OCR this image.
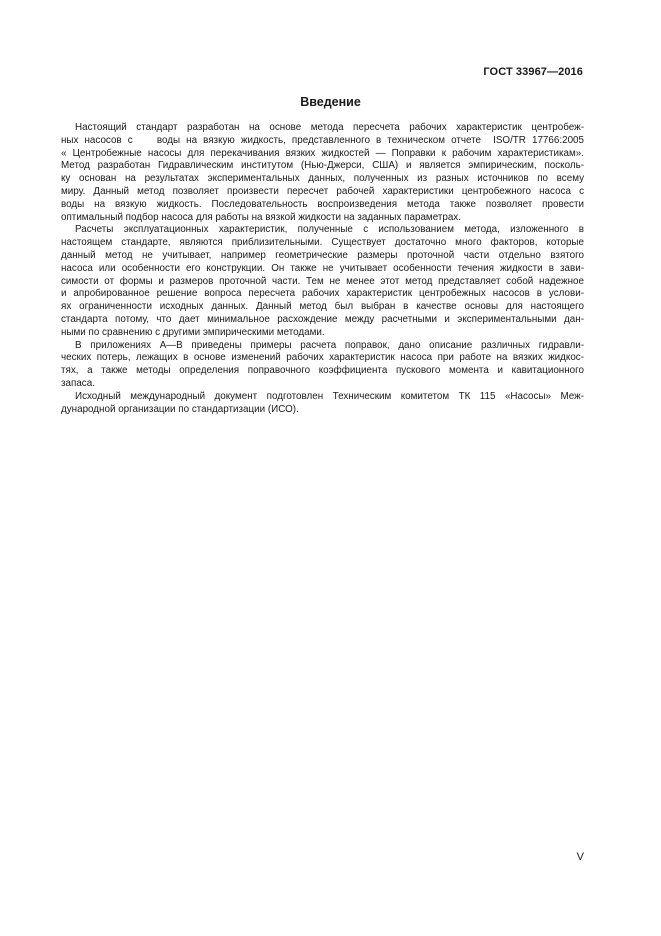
ГОСТ 33967—2016
Введение
Настоящий стандарт разработан на основе метода пересчета рабочих характеристик центробеж-
ных насосов с    воды на вязкую жидкость, представленного в техническом отчете  ISO/TR 17766:2005
« Центробежные насосы для перекачивания вязких жидкостей — Поправки к рабочим характеристикам».
Метод разработан Гидравлическим институтом (Нью-Джерси, США) и является эмпирическим, посколь-
ку основан на результатах экспериментальных данных, полученных из разных источников по всему
миру. Данный метод позволяет произвести пересчет рабочей характеристики центробежного насоса с
воды на вязкую жидкость. Последовательность воспроизведения метода также позволяет провести
оптимальный подбор насоса для работы на вязкой жидкости на заданных параметрах.
Расчеты эксплуатационных характеристик, полученные с использованием метода, изложенного в
настоящем стандарте, являются приблизительными. Существует достаточно много факторов, которые
данный метод не учитывает, например геометрические размеры проточной части отдельно взятого
насоса или особенности его конструкции. Он также не учитывает особенности течения жидкости в зави-
симости от формы и размеров проточной части. Тем не менее этот метод представляет собой надежное
и апробированное решение вопроса пересчета рабочих характеристик центробежных насосов в услови-
ях ограниченности исходных данных. Данный метод был выбран в качестве основы для настоящего
стандарта потому, что дает минимальное расхождение между расчетными и экспериментальными дан-
ными по сравнению с другими эмпирическими методами.
В приложениях А—В приведены примеры расчета поправок, дано описание различных гидравли-
ческих потерь, лежащих в основе изменений рабочих характеристик насоса при работе на вязких жидкос-
тях, а также методы определения поправочного коэффициента пускового момента и кавитационного
запаса.
Исходный международный документ подготовлен Техническим комитетом ТК 115 «Насосы» Меж-
дународной организации по стандартизации (ИСО).
V
